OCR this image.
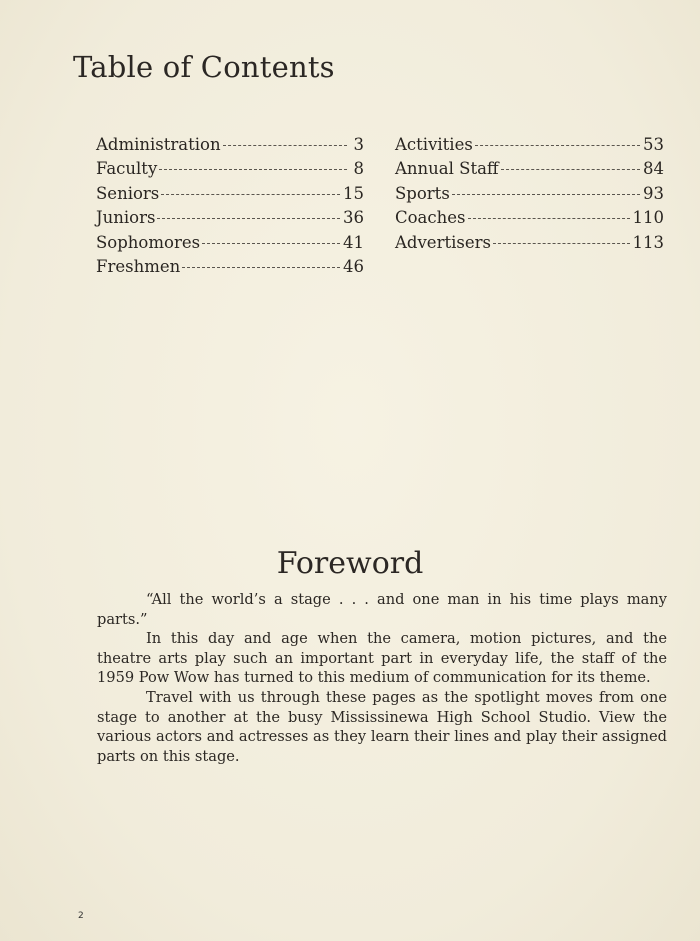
Table of Contents
Administration	3
Faculty	8
Seniors	15
Juniors	36
Sophomores	41
Freshmen	46
Activities	53
Annual Staff	84
Sports	93
Coaches	110
Advertisers	113
Foreword

“All the world’s a stage . . . and one man in his time plays many parts.”

In this day and age when the camera, motion pictures, and the theatre arts play such an important part in everyday life, the staff of the 1959 Pow Wow has turned to this medium of communication for its theme.

Travel with us through these pages as the spotlight moves from one stage to another at the busy Mississinewa High School Studio. View the various actors and actresses as they learn their lines and play their assigned parts on this stage.

2
